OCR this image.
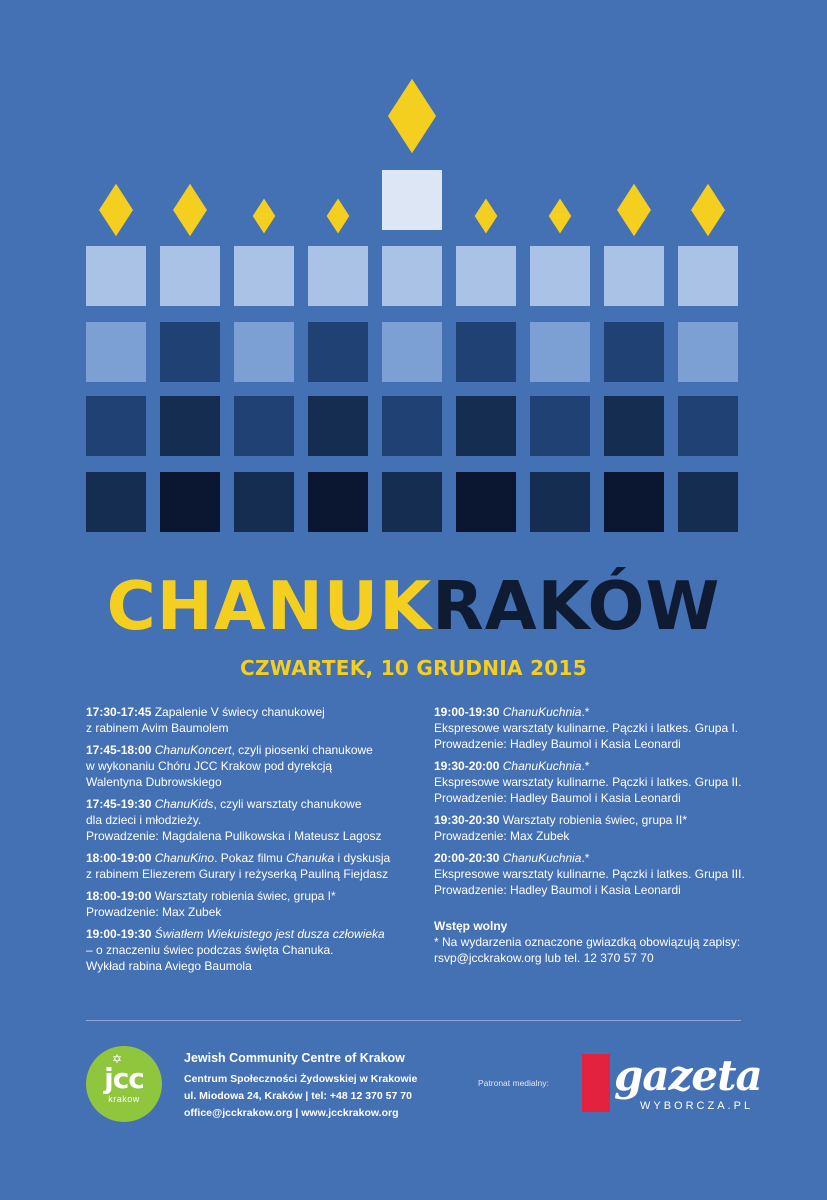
CHANUKRAKÓW
CZWARTEK, 10 GRUDNIA 2015
17:30-17:45 Zapalenie V świecy chanukowej
z rabinem Avim Baumolem
17:45-18:00 ChanuKoncert, czyli piosenki chanukowe
w wykonaniu Chóru JCC Krakow pod dyrekcją
Walentyna Dubrowskiego
17:45-19:30 ChanuKids, czyli warsztaty chanukowe
dla dzieci i młodzieży.
Prowadzenie: Magdalena Pulikowska i Mateusz Lagosz
18:00-19:00 ChanuKino. Pokaz filmu Chanuka i dyskusja
z rabinem Eliezerem Gurary i reżyserką Pauliną Fiejdasz
18:00-19:00 Warsztaty robienia świec, grupa I*
Prowadzenie: Max Zubek
19:00-19:30 Światłem Wiekuistego jest dusza człowieka
– o znaczeniu świec podczas święta Chanuka.
Wykład rabina Aviego Baumola
19:00-19:30 ChanuKuchnia.*
Ekspresowe warsztaty kulinarne. Pączki i latkes. Grupa I.
Prowadzenie: Hadley Baumol i Kasia Leonardi
19:30-20:00 ChanuKuchnia.*
Ekspresowe warsztaty kulinarne. Pączki i latkes. Grupa II.
Prowadzenie: Hadley Baumol i Kasia Leonardi
19:30-20:30 Warsztaty robienia świec, grupa II*
Prowadzenie: Max Zubek
20:00-20:30 ChanuKuchnia.*
Ekspresowe warsztaty kulinarne. Pączki i latkes. Grupa III.
Prowadzenie: Hadley Baumol i Kasia Leonardi
Wstęp wolny
* Na wydarzenia oznaczone gwiazdką obowiązują zapisy:
rsvp@jcckrakow.org lub tel. 12 370 57 70
✡
jcc
krakow
Jewish Community Centre of Krakow
Centrum Społeczności Żydowskiej w Krakowie
ul. Miodowa 24, Kraków | tel: +48 12 370 57 70
office@jcckrakow.org | www.jcckrakow.org
Patronat medialny: gazeta
WYBORCZA.PL
